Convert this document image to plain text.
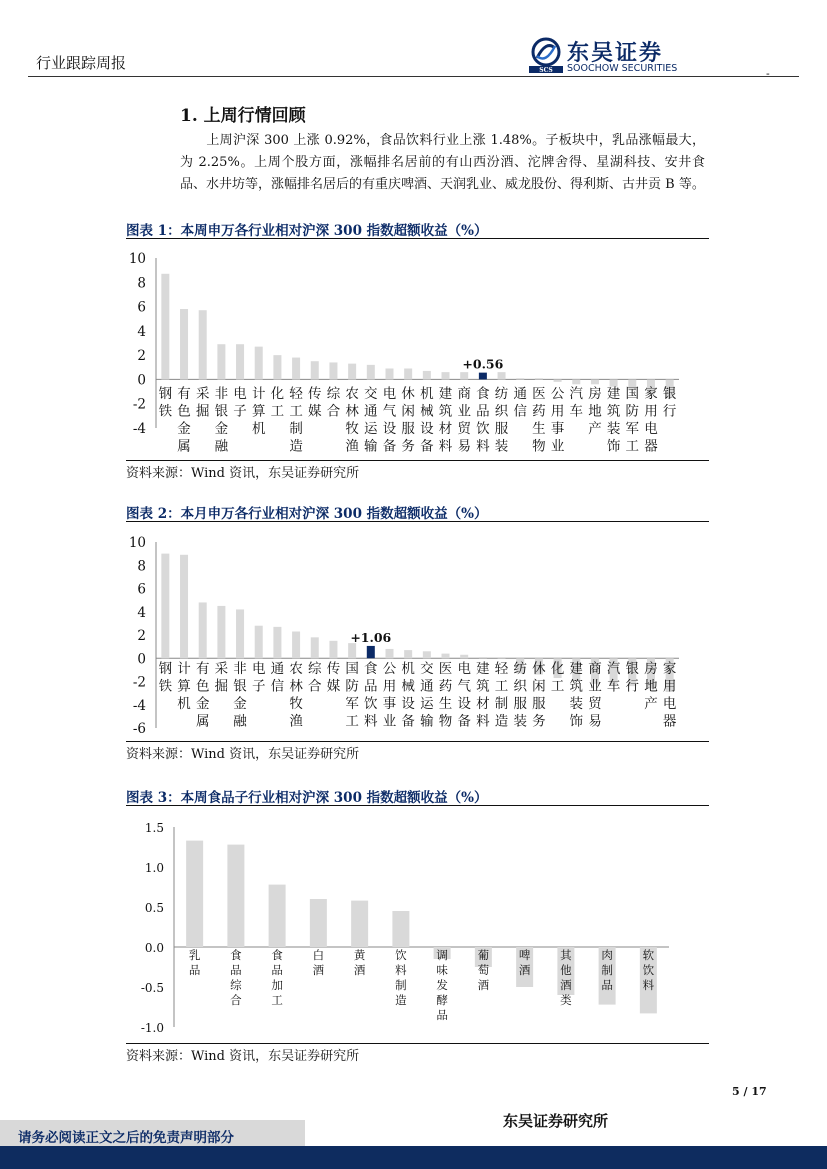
行业跟踪周报	SCS
东吴证券
SOOCHOW SECURITIES	-
1. 上周行情回顾
上周沪深 300 上涨 0.92%，食品饮料行业上涨 1.48%。子板块中，乳品涨幅最大，为 2.25%。上周个股方面，涨幅排名居前的有山西汾酒、沱牌舍得、星湖科技、安井食品、水井坊等，涨幅排名居后的有重庆啤酒、天润乳业、威龙股份、得利斯、古井贡 B 等。
图表 1：本周申万各行业相对沪深 300 指数超额收益（%）
10
8
6
4
2
0
-2
-4
钢
铁
有
色
金
属
采
掘
非
银
金
融
电
子
计
算
机
化
工
轻
工
制
造
传
媒
综
合
农
林
牧
渔
交
通
运
输
电
气
设
备
休
闲
服
务
机
械
设
备
建
筑
材
料
商
业
贸
易
+0.56
食
品
饮
料
纺
织
服
装
通
信
医
药
生
物
公
用
事
业
汽
车
房
地
产
建
筑
装
饰
国
防
军
工
家
用
电
器
银
行
资料来源：Wind 资讯，东吴证券研究所
图表 2：本月申万各行业相对沪深 300 指数超额收益（%）
10
8
6
4
2
0
-2
-4
-6
钢
铁
计
算
机
有
色
金
属
采
掘
非
银
金
融
电
子
通
信
农
林
牧
渔
综
合
传
媒
国
防
军
工
+1.06
食
品
饮
料
公
用
事
业
机
械
设
备
交
通
运
输
医
药
生
物
电
气
设
备
建
筑
材
料
轻
工
制
造
纺
织
服
装
休
闲
服
务
化
工
建
筑
装
饰
商
业
贸
易
汽
车
银
行
房
地
产
家
用
电
器
资料来源：Wind 资讯，东吴证券研究所
图表 3：本周食品子行业相对沪深 300 指数超额收益（%）
1.5
1.0
0.5
0.0
-0.5
-1.0
乳
品
食
品
综
合
食
品
加
工
白
酒
黄
酒
饮
料
制
造
调
味
发
酵
品
葡
萄
酒
啤
酒
其
他
酒
类
肉
制
品
软
饮
料
资料来源：Wind 资讯，东吴证券研究所
5 / 17
请务必阅读正文之后的免责声明部分
东吴证券研究所
